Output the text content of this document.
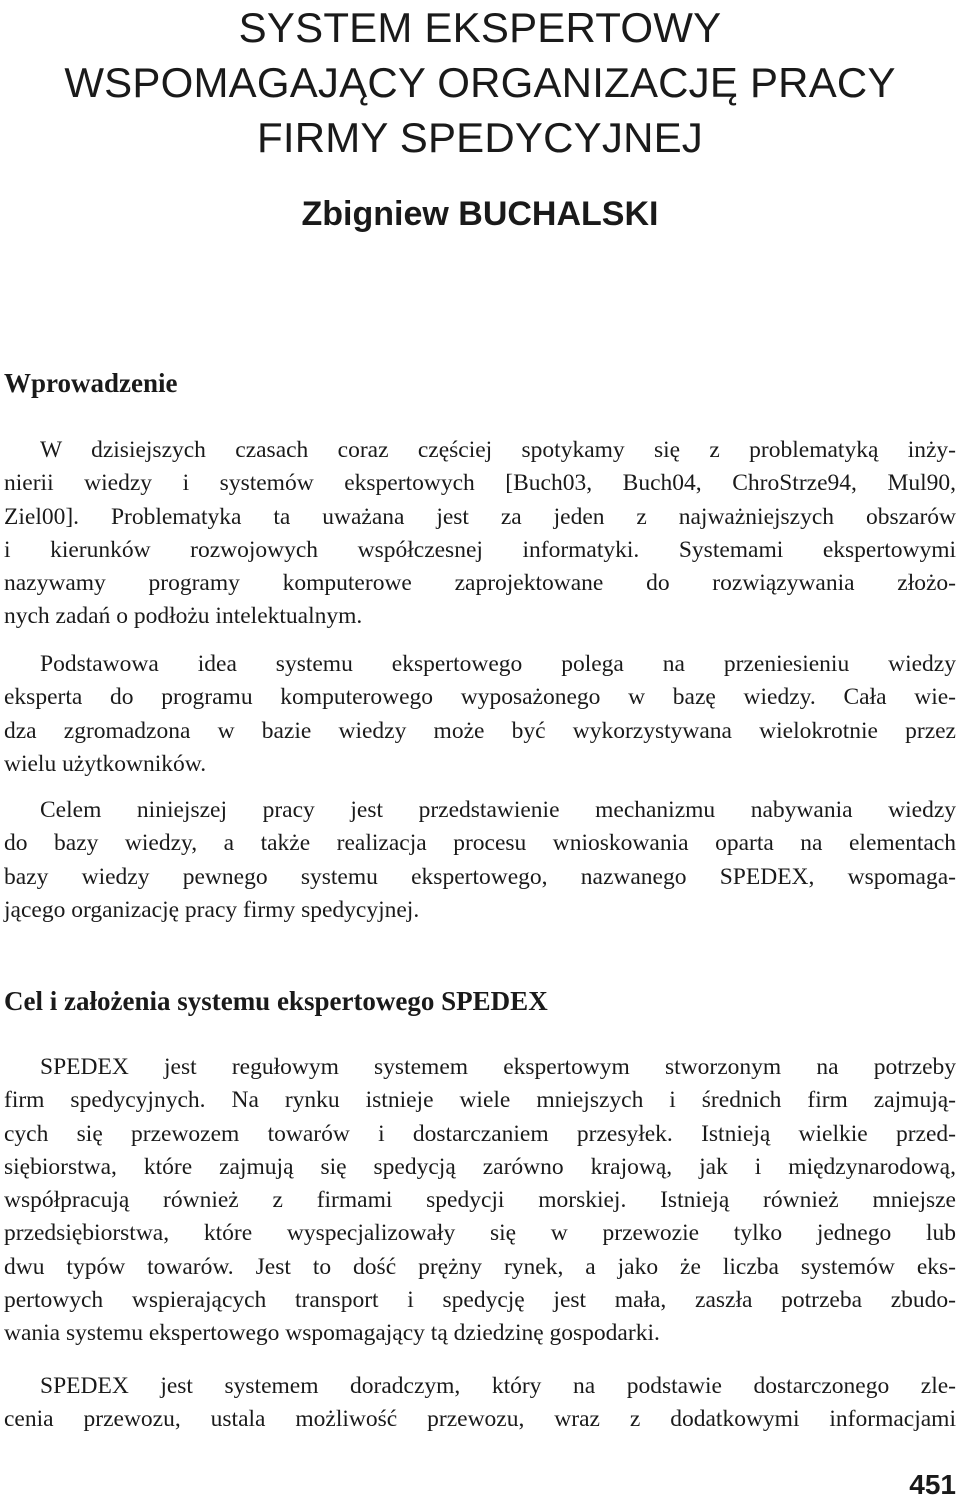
SYSTEM EKSPERTOWY
WSPOMAGAJĄCY ORGANIZACJĘ PRACY
FIRMY SPEDYCYJNEJ
Zbigniew BUCHALSKI
Wprowadzenie
W dzisiejszych czasach coraz częściej spotykamy się z problematyką inży-
nierii wiedzy i systemów ekspertowych [Buch03, Buch04, ChroStrze94, Mul90,
Ziel00]. Problematyka ta uważana jest za jeden z najważniejszych obszarów
i kierunków rozwojowych współczesnej informatyki. Systemami ekspertowymi
nazywamy programy komputerowe zaprojektowane do rozwiązywania złożo-
nych zadań o podłożu intelektualnym.
Podstawowa idea systemu ekspertowego polega na przeniesieniu wiedzy
eksperta do programu komputerowego wyposażonego w bazę wiedzy. Cała wie-
dza zgromadzona w bazie wiedzy może być wykorzystywana wielokrotnie przez
wielu użytkowników.
Celem niniejszej pracy jest przedstawienie mechanizmu nabywania wiedzy
do bazy wiedzy, a także realizacja procesu wnioskowania oparta na elementach
bazy wiedzy pewnego systemu ekspertowego, nazwanego SPEDEX, wspomaga-
jącego organizację pracy firmy spedycyjnej.
Cel i założenia systemu ekspertowego SPEDEX
SPEDEX jest regułowym systemem ekspertowym stworzonym na potrzeby
firm spedycyjnych. Na rynku istnieje wiele mniejszych i średnich firm zajmują-
cych się przewozem towarów i dostarczaniem przesyłek. Istnieją wielkie przed-
siębiorstwa, które zajmują się spedycją zarówno krajową, jak i międzynarodową,
współpracują również z firmami spedycji morskiej. Istnieją również mniejsze
przedsiębiorstwa, które wyspecjalizowały się w przewozie tylko jednego lub
dwu typów towarów. Jest to dość prężny rynek, a jako że liczba systemów eks-
pertowych wspierających transport i spedycję jest mała, zaszła potrzeba zbudo-
wania systemu ekspertowego wspomagający tą dziedzinę gospodarki.
SPEDEX jest systemem doradczym, który na podstawie dostarczonego zle-
cenia przewozu, ustala możliwość przewozu, wraz z dodatkowymi informacjami
451
